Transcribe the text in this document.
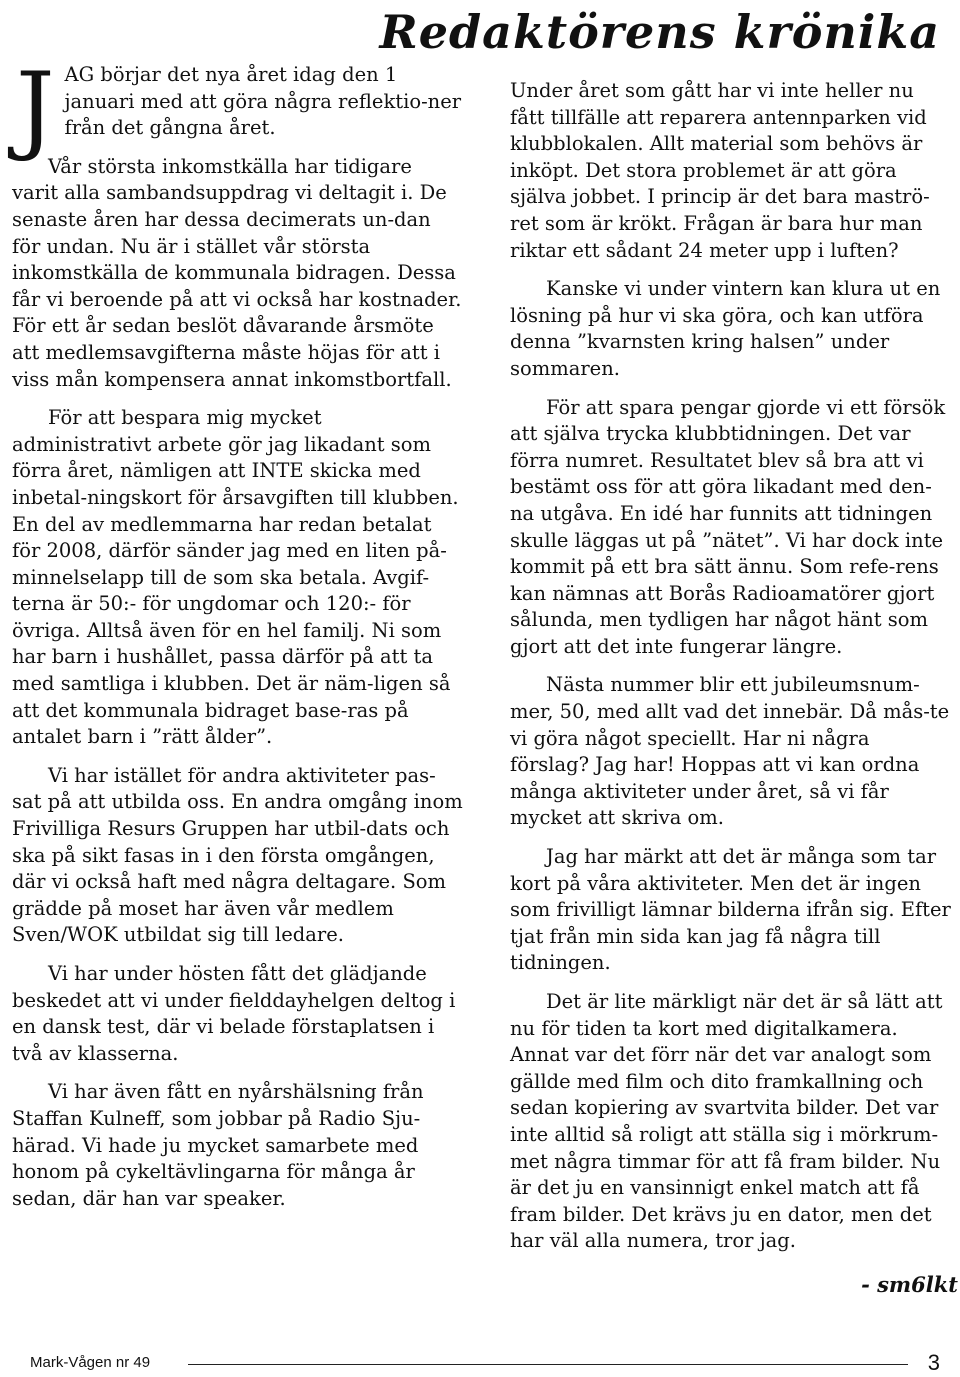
Redaktörens krönika

JAG börjar det nya året idag den 1 januari med att göra några reflektio-ner från det gångna året.

Vår största inkomstkälla har tidigare varit alla sambandsuppdrag vi deltagit i. De senaste åren har dessa decimerats un-dan för undan. Nu är i stället vår största inkomstkälla de kommunala bidragen. Dessa får vi beroende på att vi också har kostnader. För ett år sedan beslöt dåvarande årsmöte att medlemsavgifterna måste höjas för att i viss mån kompensera annat inkomstbortfall.

För att bespara mig mycket administrativt arbete gör jag likadant som förra året, nämligen att INTE skicka med inbetal-ningskort för årsavgiften till klubben. En del av medlemmarna har redan betalat för 2008, därför sänder jag med en liten på-minnelselapp till de som ska betala. Avgif-terna är 50:- för ungdomar och 120:- för övriga. Alltså även för en hel familj. Ni som har barn i hushållet, passa därför på att ta med samtliga i klubben. Det är näm-ligen så att det kommunala bidraget base-ras på antalet barn i ”rätt ålder”.

Vi har istället för andra aktiviteter pas-sat på att utbilda oss. En andra omgång inom Frivilliga Resurs Gruppen har utbil-dats och ska på sikt fasas in i den första omgången, där vi också haft med några deltagare. Som grädde på moset har även vår medlem Sven/WOK utbildat sig till ledare.

Vi har under hösten fått det glädjande beskedet att vi under fielddayhelgen deltog i en dansk test, där vi belade förstaplatsen i två av klasserna.

Vi har även fått en nyårshälsning från Staffan Kulneff, som jobbar på Radio Sju-härad. Vi hade ju mycket samarbete med honom på cykeltävlingarna för många år sedan, där han var speaker.

Under året som gått har vi inte heller nu fått tillfälle att reparera antennparken vid klubblokalen. Allt material som behövs är inköpt. Det stora problemet är att göra själva jobbet. I princip är det bara maströ-ret som är krökt. Frågan är bara hur man riktar ett sådant 24 meter upp i luften?

Kanske vi under vintern kan klura ut en lösning på hur vi ska göra, och kan utföra denna ”kvarnsten kring halsen” under sommaren.

För att spara pengar gjorde vi ett försök att själva trycka klubbtidningen. Det var förra numret. Resultatet blev så bra att vi bestämt oss för att göra likadant med den-na utgåva. En idé har funnits att tidningen skulle läggas ut på ”nätet”. Vi har dock inte kommit på ett bra sätt ännu. Som refe-rens kan nämnas att Borås Radioamatörer gjort sålunda, men tydligen har något hänt som gjort att det inte fungerar längre.

Nästa nummer blir ett jubileumsnum-mer, 50, med allt vad det innebär. Då mås-te vi göra något speciellt. Har ni några förslag? Jag har! Hoppas att vi kan ordna många aktiviteter under året, så vi får mycket att skriva om.

Jag har märkt att det är många som tar kort på våra aktiviteter. Men det är ingen som frivilligt lämnar bilderna ifrån sig. Efter tjat från min sida kan jag få några till tidningen.

Det är lite märkligt när det är så lätt att nu för tiden ta kort med digitalkamera. Annat var det förr när det var analogt som gällde med film och dito framkallning och sedan kopiering av svartvita bilder. Det var inte alltid så roligt att ställa sig i mörkrum-met några timmar för att få fram bilder. Nu är det ju en vansinnigt enkel match att få fram bilder. Det krävs ju en dator, men det har väl alla numera, tror jag.

- sm6lkt
Mark-Vågen nr 49	3
